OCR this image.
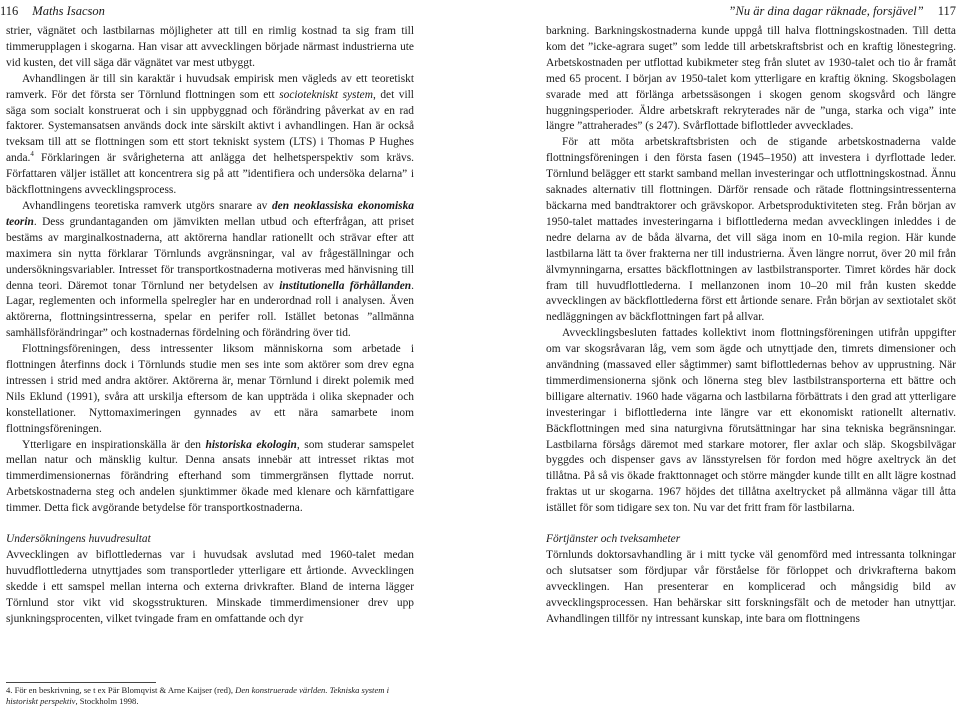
116 Maths Isacson

strier, vägnätet och lastbilarnas möjligheter att till en rimlig kostnad ta sig fram till timmerupplagen i skogarna. Han visar att avvecklingen började närmast industrierna ute vid kusten, det vill säga där vägnätet var mest utbyggt.

Avhandlingen är till sin karaktär i huvudsak empirisk men vägleds av ett teoretiskt ramverk. För det första ser Törnlund flottningen som ett sociotekniskt system, det vill säga som socialt konstruerat och i sin uppbyggnad och förändring påverkat av en rad faktorer. Systemansatsen används dock inte särskilt aktivt i avhandlingen. Han är också tveksam till att se flottningen som ett stort tekniskt system (LTS) i Thomas P Hughes anda.$^4$ Förklaringen är svårigheterna att anlägga det helhetsperspektiv som krävs. Författaren väljer istället att koncentrera sig på att ”identifiera och undersöka delarna” i bäckflottningens avvecklingsprocess.

Avhandlingens teoretiska ramverk utgörs snarare av den neoklassiska ekonomiska teorin. Dess grundantaganden om jämvikten mellan utbud och efterfrågan, att priset bestäms av marginalkostnaderna, att aktörerna handlar rationellt och strävar efter att maximera sin nytta förklarar Törnlunds avgränsningar, val av frågeställningar och undersökningsvariabler. Intresset för transportkostnaderna motiveras med hänvisning till denna teori. Däremot tonar Törnlund ner betydelsen av institutionella förhållanden. Lagar, reglementen och informella spelregler har en underordnad roll i analysen. Även aktörerna, flottningsintresserna, spelar en perifer roll. Istället betonas ”allmänna samhällsförändringar” och kostnadernas fördelning och förändring över tid.

Flottningsföreningen, dess intressenter liksom människorna som arbetade i flottningen återfinns dock i Törnlunds studie men ses inte som aktörer som drev egna intressen i strid med andra aktörer. Aktörerna är, menar Törnlund i direkt polemik med Nils Eklund (1991), svåra att urskilja eftersom de kan uppträda i olika skepnader och konstellationer. Nyttomaximeringen gynnades av ett nära samarbete inom flottningsföreningen.

Ytterligare en inspirationskälla är den historiska ekologin, som studerar samspelet mellan natur och mänsklig kultur. Denna ansats innebär att intresset riktas mot timmerdimensionernas förändring efterhand som timmergränsen flyttade norrut. Arbetskostnaderna steg och andelen sjunktimmer ökade med klenare och kärnfattigare timmer. Detta fick avgörande betydelse för transportkostnaderna.

Undersökningens huvudresultat

Avvecklingen av biflottledernas var i huvudsak avslutad med 1960-talet medan huvudflottlederna utnyttjades som transportleder ytterligare ett årtionde. Avvecklingen skedde i ett samspel mellan interna och externa drivkrafter. Bland de interna lägger Törnlund stor vikt vid skogsstrukturen. Minskade timmerdimensioner drev upp sjunkningsprocenten, vilket tvingade fram en omfattande och dyr

4. För en beskrivning, se t ex Pär Blomqvist & Arne Kaijser (red), Den konstruerade världen. Tekniska system i historiskt perspektiv, Stockholm 1998.
”Nu är dina dagar räknade, forsjävel” 117

barkning. Barkningskostnaderna kunde uppgå till halva flottningskostnaden. Till detta kom det ”icke-agrara suget” som ledde till arbetskraftsbrist och en kraftig lönestegring. Arbetskostnaden per utflottad kubikmeter steg från slutet av 1930-talet och tio år framåt med 65 procent. I början av 1950-talet kom ytterligare en kraftig ökning. Skogsbolagen svarade med att förlänga arbetssäsongen i skogen genom skogsvård och längre huggningsperioder. Äldre arbetskraft rekryterades när de ”unga, starka och viga” inte längre ”attraherades” (s 247). Svårflottade biflottleder avvecklades.

För att möta arbetskraftsbristen och de stigande arbetskostnaderna valde flottningsföreningen i den första fasen (1945–1950) att investera i dyrflottade leder. Törnlund belägger ett starkt samband mellan investeringar och utflottningskostnad. Ännu saknades alternativ till flottningen. Därför rensade och rätade flottningsintressenterna bäckarna med bandtraktorer och grävskopor. Arbetsproduktiviteten steg. Från början av 1950-talet mattades investeringarna i biflottlederna medan avvecklingen inleddes i de nedre delarna av de båda älvarna, det vill säga inom en 10-mila region. Här kunde lastbilarna lätt ta över frakterna ner till industrierna. Även längre norrut, över 20 mil från älvmynningarna, ersattes bäckflottningen av lastbilstransporter. Timret kördes här dock fram till huvudflottlederna. I mellanzonen inom 10–20 mil från kusten skedde avvecklingen av bäckflottlederna först ett årtionde senare. Från början av sextiotalet sköt nedläggningen av bäckflottningen fart på allvar.

Avvecklingsbesluten fattades kollektivt inom flottningsföreningen utifrån uppgifter om var skogsråvaran låg, vem som ägde och utnyttjade den, timrets dimensioner och användning (massaved eller sågtimmer) samt biflottledernas behov av upprustning. När timmerdimensionerna sjönk och lönerna steg blev lastbilstransporterna ett bättre och billigare alternativ. 1960 hade vägarna och lastbilarna förbättrats i den grad att ytterligare investeringar i biflottlederna inte längre var ett ekonomiskt rationellt alternativ. Bäckflottningen med sina naturgivna förutsättningar har sina tekniska begränsningar. Lastbilarna försågs däremot med starkare motorer, fler axlar och släp. Skogsbilvägar byggdes och dispenser gavs av länsstyrelsen för fordon med högre axeltryck än det tillåtna. På så vis ökade frakttonnaget och större mängder kunde tillt en allt lägre kostnad fraktas ut ur skogarna. 1967 höjdes det tillåtna axeltrycket på allmänna vägar till åtta istället för som tidigare sex ton. Nu var det fritt fram för lastbilarna.

Förtjänster och tveksamheter

Törnlunds doktorsavhandling är i mitt tycke väl genomförd med intressanta tolkningar och slutsatser som fördjupar vår förståelse för förloppet och drivkrafterna bakom avvecklingen. Han presenterar en komplicerad och mångsidig bild av avvecklingsprocessen. Han behärskar sitt forskningsfält och de metoder han utnyttjar. Avhandlingen tillför ny intressant kunskap, inte bara om flottningens
